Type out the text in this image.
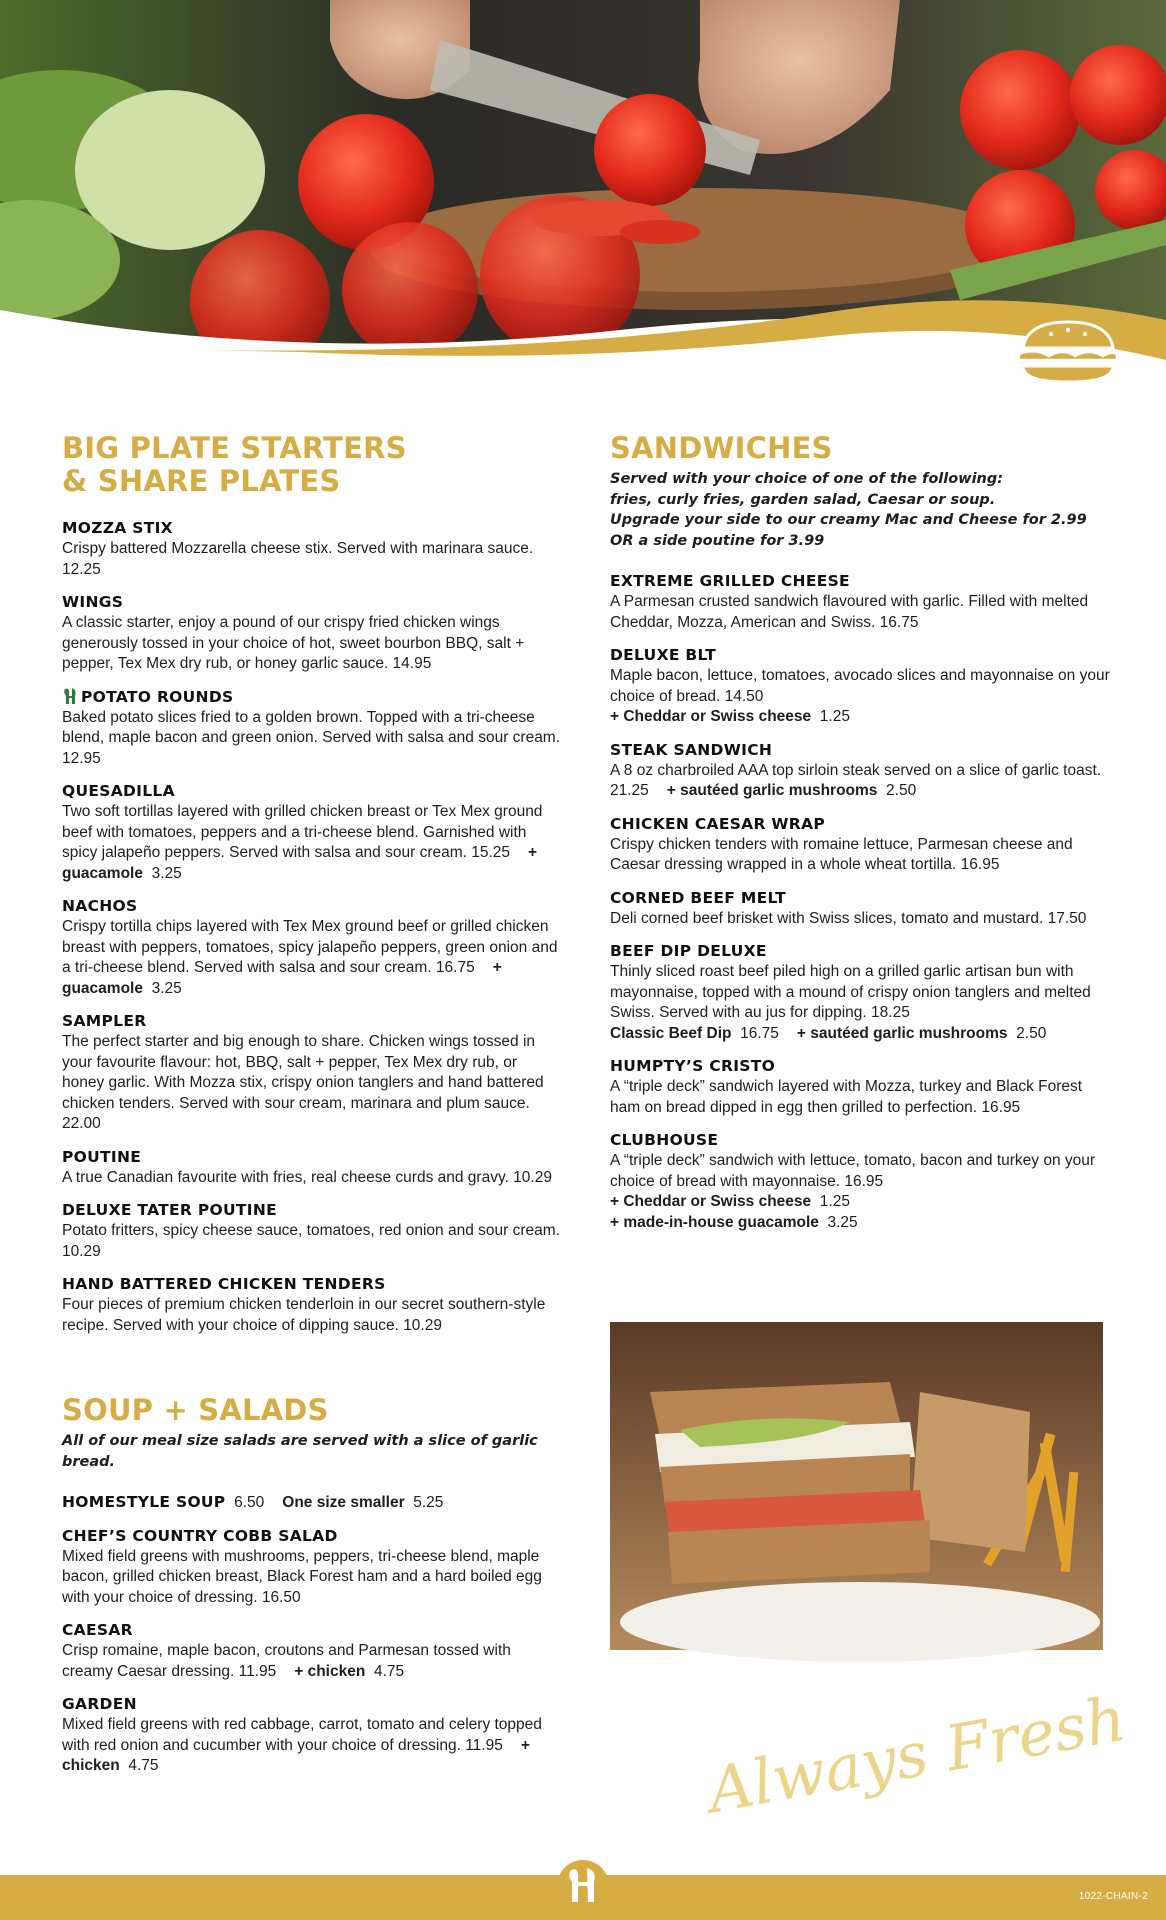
BIG PLATE STARTERS
& SHARE PLATES

MOZZA STIX

Crispy battered Mozzarella cheese stix. Served with marinara sauce. 12.25

WINGS

A classic starter, enjoy a pound of our crispy fried chicken wings generously tossed in your choice of hot, sweet bourbon BBQ, salt + pepper, Tex Mex dry rub, or honey garlic sauce. 14.95

POTATO ROUNDS

Baked potato slices fried to a golden brown. Topped with a tri-cheese blend, maple bacon and green onion. Served with salsa and sour cream. 12.95

QUESADILLA

Two soft tortillas layered with grilled chicken breast or Tex Mex ground beef with tomatoes, peppers and a tri-cheese blend. Garnished with spicy jalapeño peppers. Served with salsa and sour cream. 15.25 + guacamole 3.25

NACHOS

Crispy tortilla chips layered with Tex Mex ground beef or grilled chicken breast with peppers, tomatoes, spicy jalapeño peppers, green onion and a tri-cheese blend. Served with salsa and sour cream. 16.75 + guacamole 3.25

SAMPLER

The perfect starter and big enough to share. Chicken wings tossed in your favourite flavour: hot, BBQ, salt + pepper, Tex Mex dry rub, or honey garlic. With Mozza stix, crispy onion tanglers and hand battered chicken tenders. Served with sour cream, marinara and plum sauce. 22.00

POUTINE

A true Canadian favourite with fries, real cheese curds and gravy. 10.29

DELUXE TATER POUTINE

Potato fritters, spicy cheese sauce, tomatoes, red onion and sour cream. 10.29

HAND BATTERED CHICKEN TENDERS

Four pieces of premium chicken tenderloin in our secret southern-style recipe. Served with your choice of dipping sauce. 10.29

SOUP + SALADS

All of our meal size salads are served with a slice of garlic bread.

HOMESTYLE SOUP 6.50 One size smaller 5.25

CHEF’S COUNTRY COBB SALAD

Mixed field greens with mushrooms, peppers, tri-cheese blend, maple bacon, grilled chicken breast, Black Forest ham and a hard boiled egg with your choice of dressing. 16.50

CAESAR

Crisp romaine, maple bacon, croutons and Parmesan tossed with creamy Caesar dressing. 11.95 + chicken 4.75

GARDEN

Mixed field greens with red cabbage, carrot, tomato and celery topped with red onion and cucumber with your choice of dressing. 11.95 + chicken 4.75

SANDWICHES

Served with your choice of one of the following:
fries, curly fries, garden salad, Caesar or soup.
Upgrade your side to our creamy Mac and Cheese for 2.99
OR a side poutine for 3.99

EXTREME GRILLED CHEESE

A Parmesan crusted sandwich flavoured with garlic. Filled with melted Cheddar, Mozza, American and Swiss. 16.75

DELUXE BLT

Maple bacon, lettuce, tomatoes, avocado slices and mayonnaise on your choice of bread. 14.50

+ Cheddar or Swiss cheese 1.25

STEAK SANDWICH

A 8 oz charbroiled AAA top sirloin steak served on a slice of garlic toast. 21.25 + sautéed garlic mushrooms 2.50

CHICKEN CAESAR WRAP

Crispy chicken tenders with romaine lettuce, Parmesan cheese and Caesar dressing wrapped in a whole wheat tortilla. 16.95

CORNED BEEF MELT

Deli corned beef brisket with Swiss slices, tomato and mustard. 17.50

BEEF DIP DELUXE

Thinly sliced roast beef piled high on a grilled garlic artisan bun with mayonnaise, topped with a mound of crispy onion tanglers and melted Swiss. Served with au jus for dipping. 18.25

Classic Beef Dip 16.75 + sautéed garlic mushrooms 2.50

HUMPTY’S CRISTO

A “triple deck” sandwich layered with Mozza, turkey and Black Forest ham on bread dipped in egg then grilled to perfection. 16.95

CLUBHOUSE

A “triple deck” sandwich with lettuce, tomato, bacon and turkey on your choice of bread with mayonnaise. 16.95

+ Cheddar or Swiss cheese 1.25

+ made-in-house guacamole 3.25

Always Fresh
1022-CHAIN-2
